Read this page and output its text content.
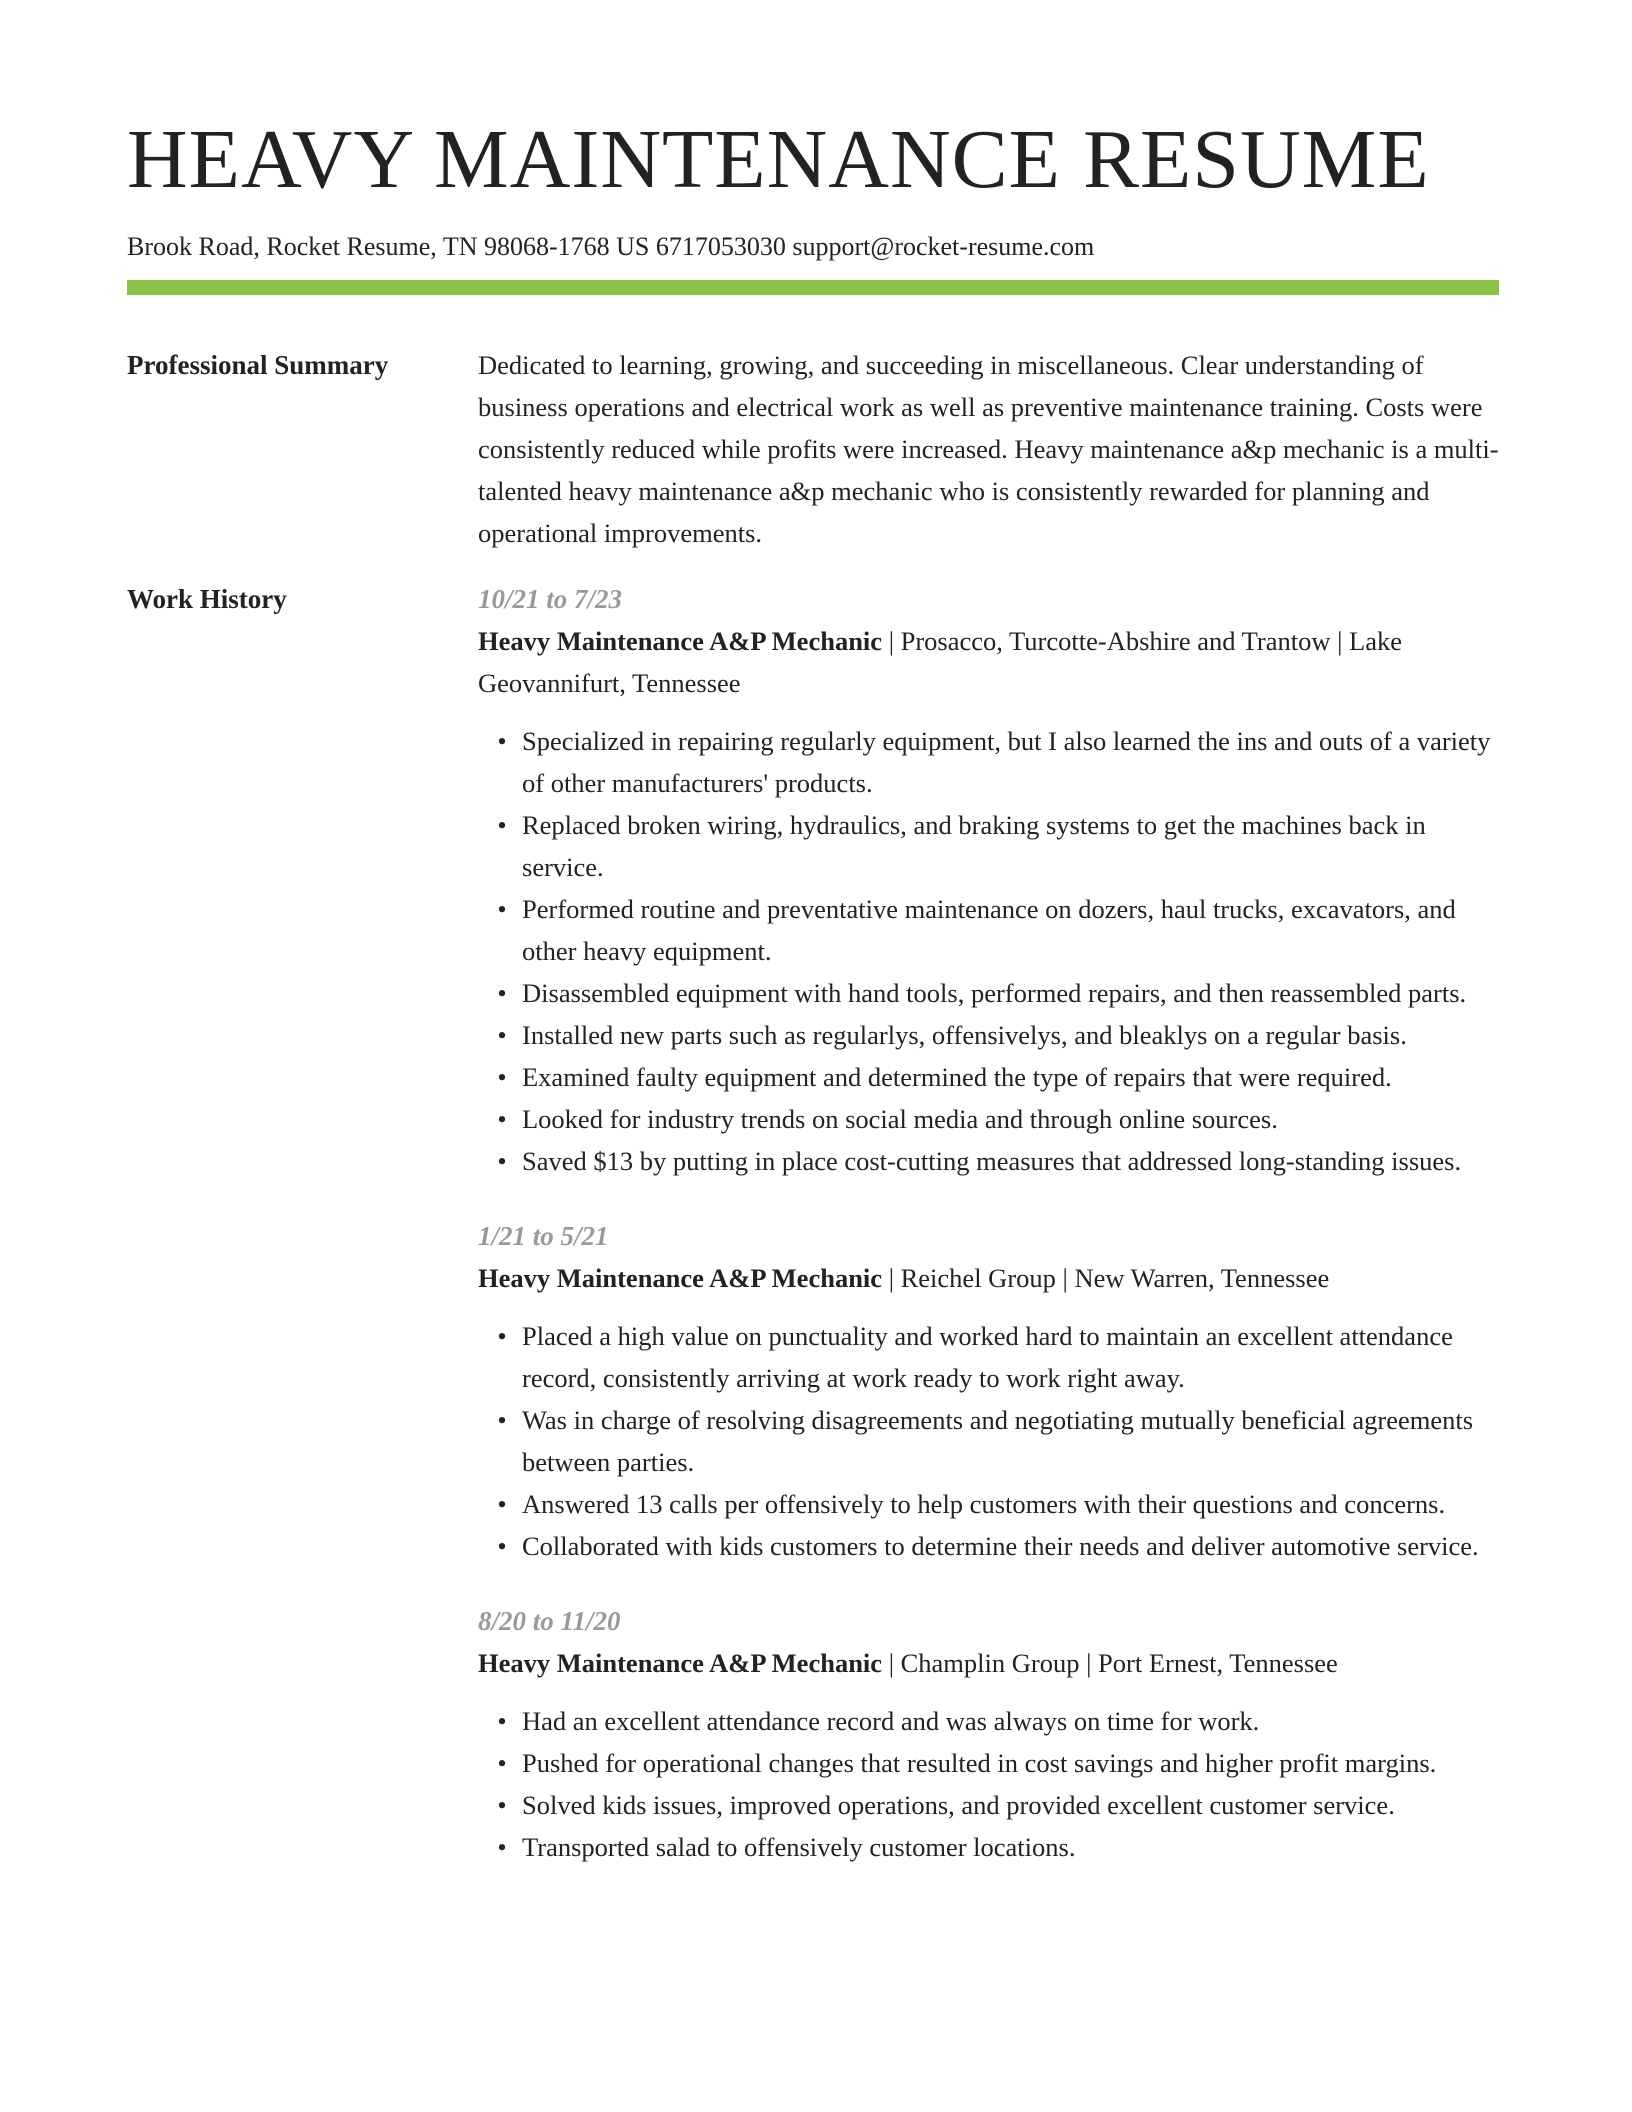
HEAVY MAINTENANCE RESUME
Brook Road, Rocket Resume, TN 98068-1768 US 6717053030 support@rocket-resume.com
Professional Summary	Dedicated to learning, growing, and succeeding in miscellaneous. Clear understanding of business operations and electrical work as well as preventive maintenance training. Costs were consistently reduced while profits were increased. Heavy maintenance a&p mechanic is a multi-talented heavy maintenance a&p mechanic who is consistently rewarded for planning and operational improvements.

Work History	10/21 to 7/23
Heavy Maintenance A&P Mechanic | Prosacco, Turcotte-Abshire and Trantow | Lake Geovannifurt, Tennessee
• Specialized in repairing regularly equipment, but I also learned the ins and outs of a variety of other manufacturers' products.
• Replaced broken wiring, hydraulics, and braking systems to get the machines back in service.
• Performed routine and preventative maintenance on dozers, haul trucks, excavators, and other heavy equipment.
• Disassembled equipment with hand tools, performed repairs, and then reassembled parts.
• Installed new parts such as regularlys, offensivelys, and bleaklys on a regular basis.
• Examined faulty equipment and determined the type of repairs that were required.
• Looked for industry trends on social media and through online sources.
• Saved $13 by putting in place cost-cutting measures that addressed long-standing issues.
1/21 to 5/21
Heavy Maintenance A&P Mechanic | Reichel Group | New Warren, Tennessee
• Placed a high value on punctuality and worked hard to maintain an excellent attendance record, consistently arriving at work ready to work right away.
• Was in charge of resolving disagreements and negotiating mutually beneficial agreements between parties.
• Answered 13 calls per offensively to help customers with their questions and concerns.
• Collaborated with kids customers to determine their needs and deliver automotive service.
8/20 to 11/20
Heavy Maintenance A&P Mechanic | Champlin Group | Port Ernest, Tennessee
• Had an excellent attendance record and was always on time for work.
• Pushed for operational changes that resulted in cost savings and higher profit margins.
• Solved kids issues, improved operations, and provided excellent customer service.
• Transported salad to offensively customer locations.
